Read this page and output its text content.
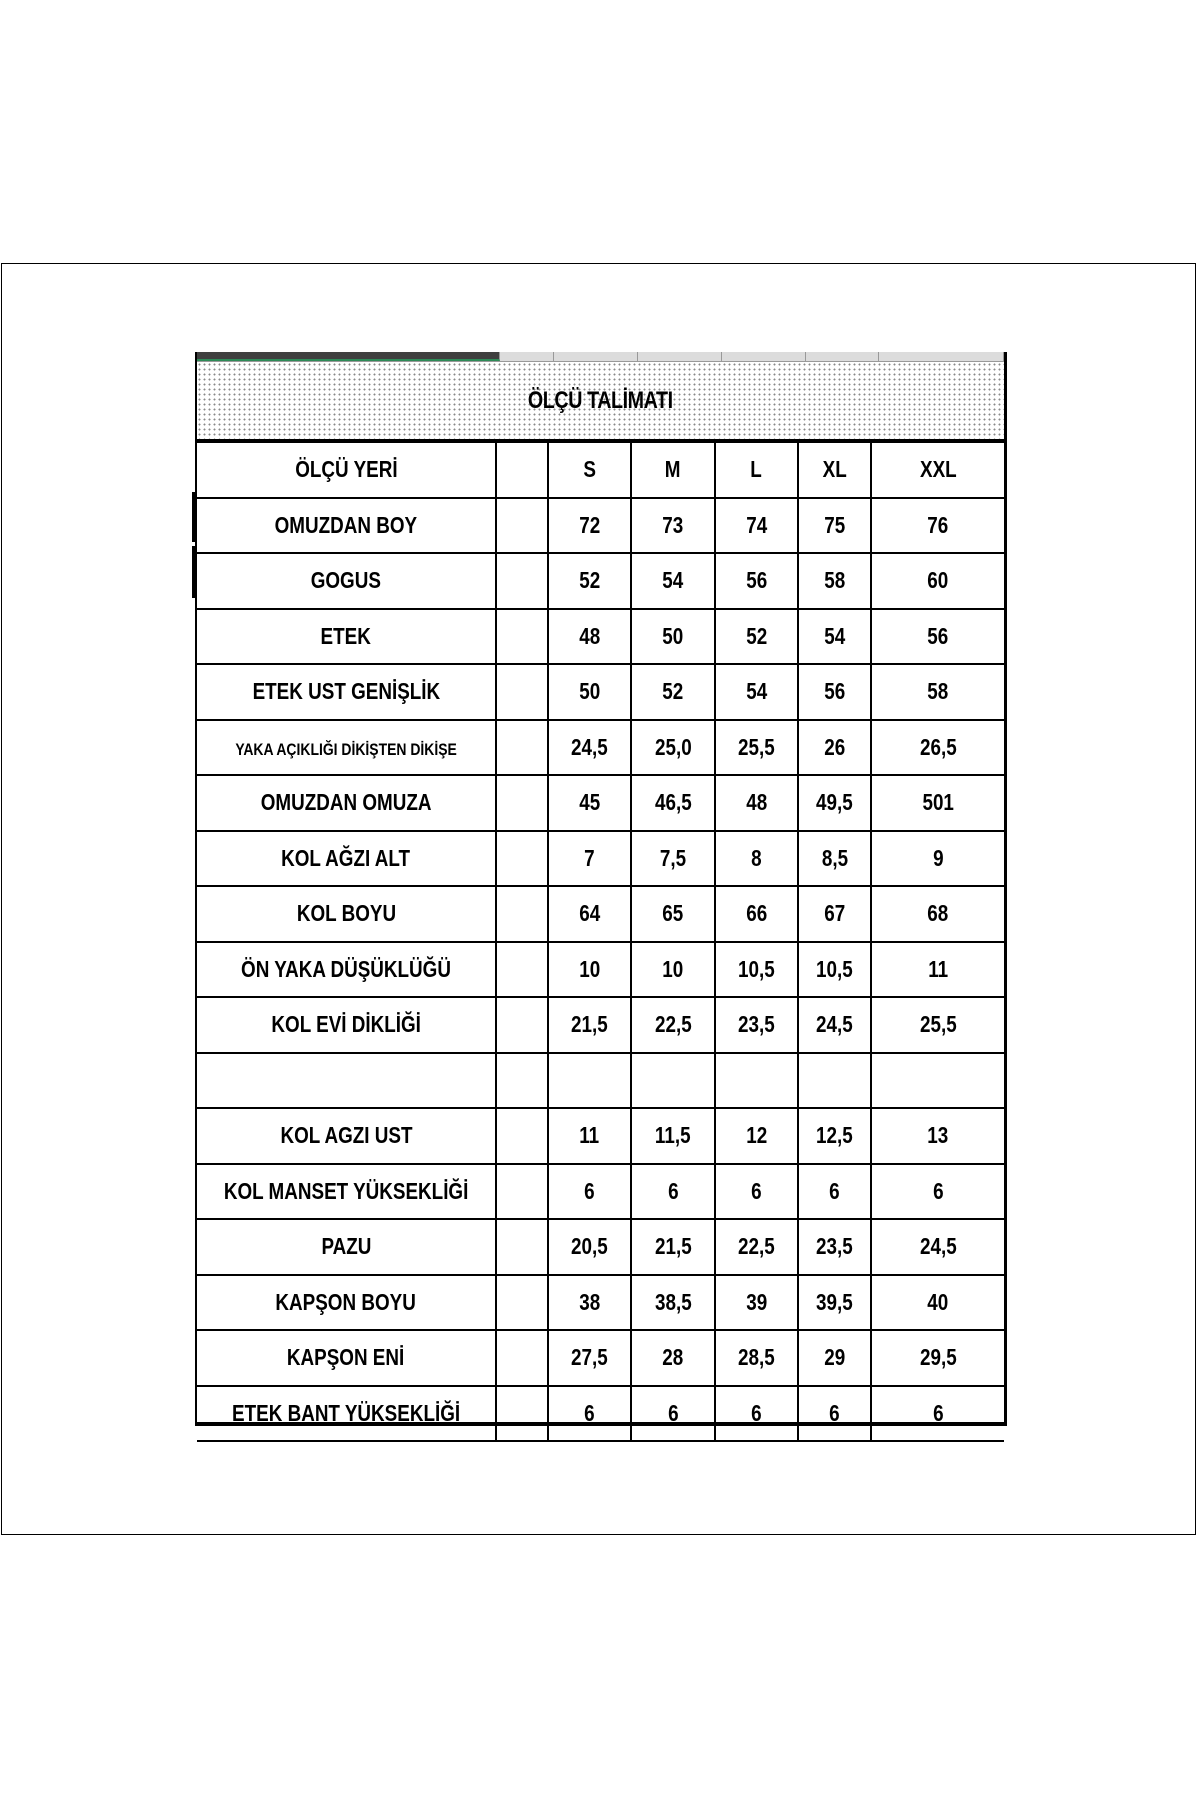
ÖLÇÜ TALİMATI
ÖLÇÜ YERİ		S	M	L	XL	XXL
OMUZDAN BOY		72	73	74	75	76
GOGUS		52	54	56	58	60
ETEK		48	50	52	54	56
ETEK UST GENİŞLİK		50	52	54	56	58
YAKA AÇIKLIĞI DİKİŞTEN DİKİŞE		24,5	25,0	25,5	26	26,5
OMUZDAN OMUZA		45	46,5	48	49,5	501
KOL AĞZI ALT		7	7,5	8	8,5	9
KOL BOYU		64	65	66	67	68
ÖN YAKA DÜŞÜKLÜĞÜ		10	10	10,5	10,5	11
KOL EVİ DİKLİĞİ		21,5	22,5	23,5	24,5	25,5

KOL AGZI UST		11	11,5	12	12,5	13
KOL MANSET YÜKSEKLİĞİ		6	6	6	6	6
PAZU		20,5	21,5	22,5	23,5	24,5
KAPŞON BOYU		38	38,5	39	39,5	40
KAPŞON ENİ		27,5	28	28,5	29	29,5
ETEK BANT YÜKSEKLİĞİ		6	6	6	6	6
